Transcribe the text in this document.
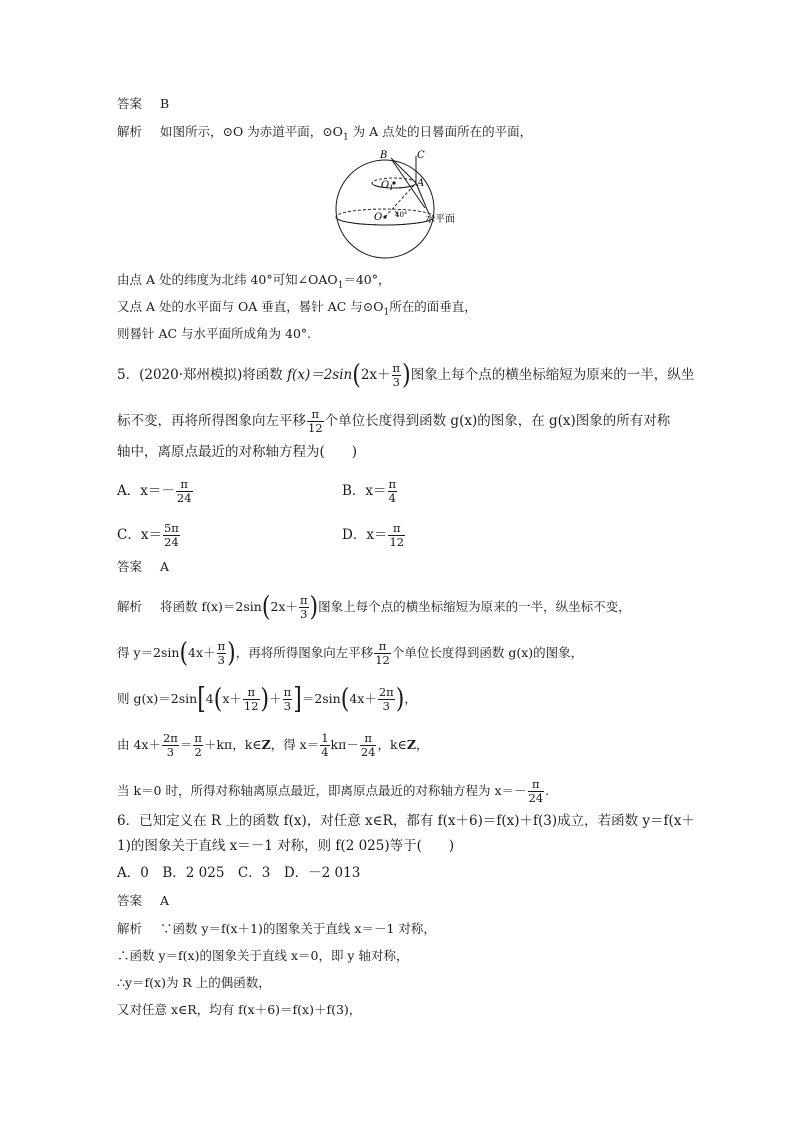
答案 B
解析 如图所示，⊙O 为赤道平面，$⊙O_1$ 为 A 点处的日晷面所在的平面，
B	C
A
$O_1$
O 40° 水平面
由点 A 处的纬度为北纬 40°可知$\angle OAO_1=40^\circ$，
又点 A 处的水平面与 OA 垂直，晷针 AC 与$⊙O_1$所在的面垂直，
则晷针 AC 与水平面所成角为 40°.
5．(2020·郑州模拟)将函数 $f(x)=2\sin(2x+ \frac{\pi}{3}$ )图象上每个点的横坐标缩短为原来的一半，纵坐
标不变，再将所得图象向左平移 $\frac{\pi}{12}$ 个单位长度得到函数 g(x)的图象，在 g(x)图象的所有对称
轴中，离原点最近的对称轴方程为(　　)
A．$x=- \frac{\pi}{24}$	B．$x= \frac{\pi}{4}$
C．$x= \frac{5\pi}{24}$	D．$x= \frac{\pi}{12}$
答案 A
解析 将函数 $f(x)=2\sin(2x+ \frac{\pi}{3}$ )图象上每个点的横坐标缩短为原来的一半，纵坐标不变，
得 $y=2\sin(4x+ \frac{\pi}{3}$ )，再将所得图象向左平移 $\frac{\pi}{12}$ 个单位长度得到函数 g(x)的图象，
则 $g(x)=2\sin[4(x+ \frac{\pi}{12}$ )＋ $\frac{\pi}{3} ]=2\sin(4x+ \frac{2\pi}{3}$ )，
由 $4x+ \frac{2\pi}{3} = \frac{\pi}{2} +k\pi$，k∈Z，得 $x= \frac{1}{4} k\pi- \frac{\pi}{24}$ ，k∈Z，
当 k＝0 时，所得对称轴离原点最近，即离原点最近的对称轴方程为 $x=- \frac{\pi}{24}$ .
6．已知定义在 R 上的函数 f(x)，对任意 x∈R，都有 f(x＋6)＝f(x)＋f(3)成立，若函数 y＝f(x＋
1)的图象关于直线 x＝－1 对称，则 f(2 025)等于(　　)
A．0　B．2 025　C．3　D．－2 013
答案 A
解析 ∵函数 y＝f(x＋1)的图象关于直线 x＝－1 对称，
∴函数 y＝f(x)的图象关于直线 x＝0，即 y 轴对称，
∴y＝f(x)为 R 上的偶函数，
又对任意 x∈R，均有 f(x＋6)＝f(x)＋f(3)，
